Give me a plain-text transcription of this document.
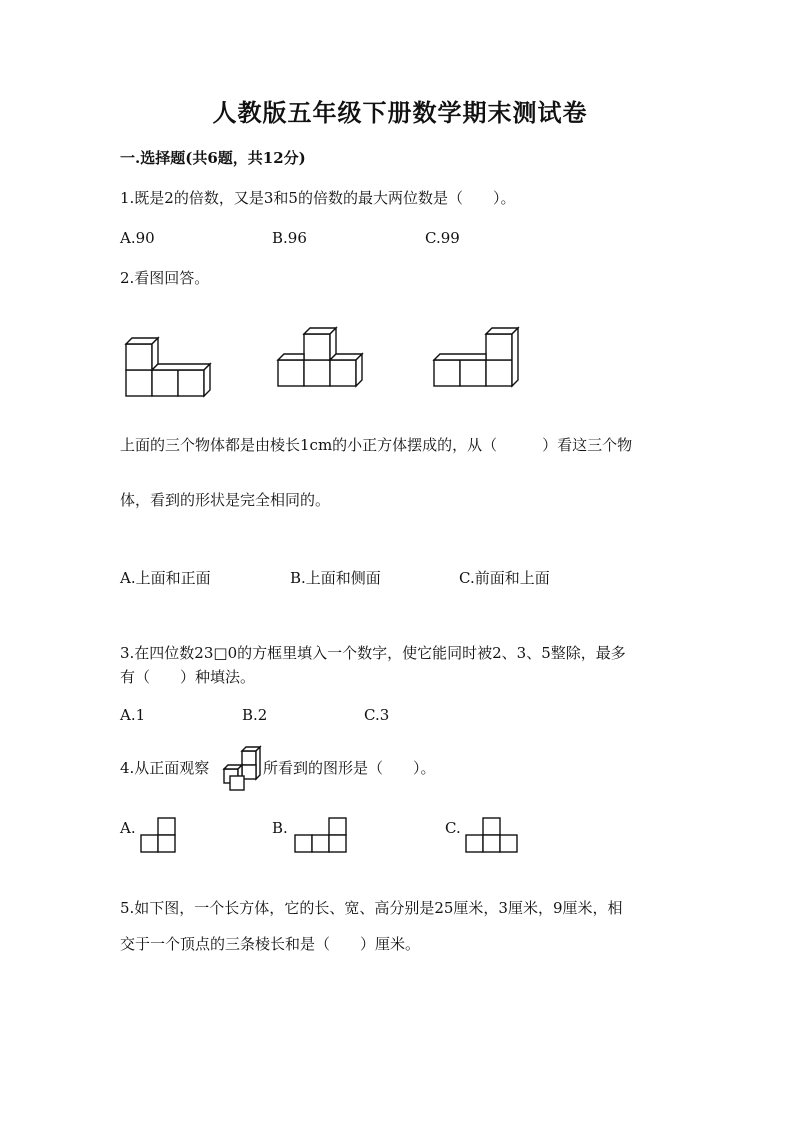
人教版五年级下册数学期末测试卷
一.选择题(共6题，共12分)
1.既是2的倍数，又是3和5的倍数的最大两位数是（　　）。
A.90	B.96	C.99
2.看图回答。
上面的三个物体都是由棱长1cm的小正方体摆成的，从（　　　）看这三个物
体，看到的形状是完全相同的。
A.上面和正面	B.上面和侧面	C.前面和上面
3.在四位数23□0的方框里填入一个数字，使它能同时被2、3、5整除，最多
有（　　）种填法。
A.1	B.2	C.3
4.从正面观察	所看到的图形是（　　）。
A.	B.	C.
5.如下图，一个长方体，它的长、宽、高分别是25厘米，3厘米，9厘米，相
交于一个顶点的三条棱长和是（　　）厘米。
